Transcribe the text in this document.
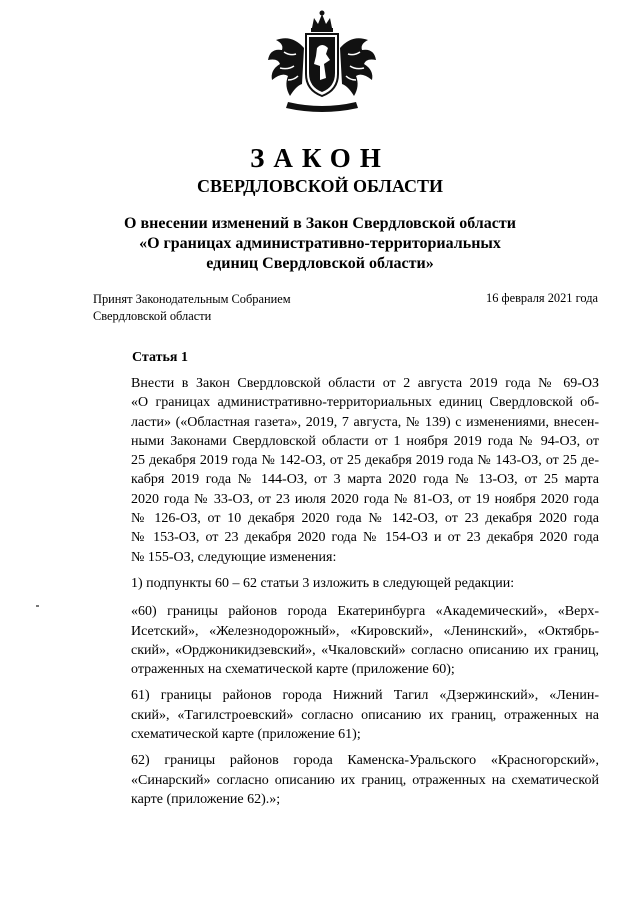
ЗАКОН
СВЕРДЛОВСКОЙ ОБЛАСТИ
О внесении изменений в Закон Свердловской области
«О границах административно-территориальных
единиц Свердловской области»
Принят Законодательным Собранием
Свердловской области
16 февраля 2021 года
Статья 1
Внести в Закон Свердловской области от 2 августа 2019 года № 69-ОЗ
«О границах административно-территориальных единиц Свердловской об-
ласти» («Областная газета», 2019, 7 августа, № 139) с изменениями, внесен-
ными Законами Свердловской области от 1 ноября 2019 года № 94-ОЗ, от
25 декабря 2019 года № 142-ОЗ, от 25 декабря 2019 года № 143-ОЗ, от 25 де-
кабря 2019 года № 144-ОЗ, от 3 марта 2020 года № 13-ОЗ, от 25 марта
2020 года № 33-ОЗ, от 23 июля 2020 года № 81-ОЗ, от 19 ноября 2020 года
№ 126-ОЗ, от 10 декабря 2020 года № 142-ОЗ, от 23 декабря 2020 года
№ 153-ОЗ, от 23 декабря 2020 года № 154-ОЗ и от 23 декабря 2020 года
№ 155-ОЗ, следующие изменения:
1) подпункты 60 – 62 статьи 3 изложить в следующей редакции:
«60) границы районов города Екатеринбурга «Академический», «Верх-
Исетский», «Железнодорожный», «Кировский», «Ленинский», «Октябрь-
ский», «Орджоникидзевский», «Чкаловский» согласно описанию их границ,
отраженных на схематической карте (приложение 60);
61) границы районов города Нижний Тагил «Дзержинский», «Ленин-
ский», «Тагилстроевский» согласно описанию их границ, отраженных на
схематической карте (приложение 61);
62) границы районов города Каменска-Уральского «Красногорский»,
«Синарский» согласно описанию их границ, отраженных на схематической
карте (приложение 62).»;
